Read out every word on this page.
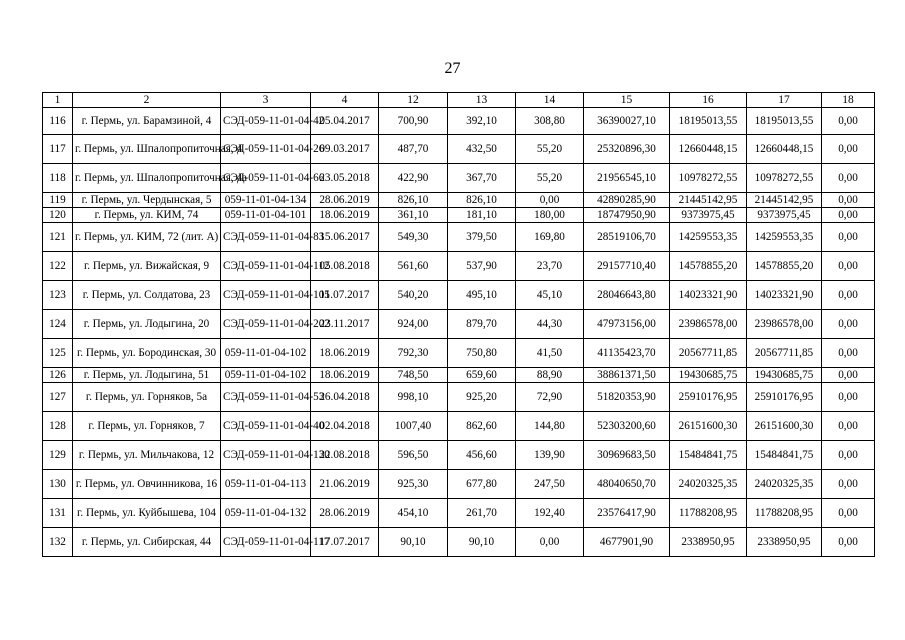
27
1	2	3	4	12	13	14	15	16	17	18
116	г. Пермь, ул. Барамзиной, 4	СЭД-059-11-01-04-42	05.04.2017	700,90	392,10	308,80	36390027,10	18195013,55	18195013,55	0,00
117	г. Пермь, ул. Шпалопропиточная, 4	СЭД-059-11-01-04-26	09.03.2017	487,70	432,50	55,20	25320896,30	12660448,15	12660448,15	0,00
118	г. Пермь, ул. Шпалопропиточная, 4а	СЭД-059-11-01-04-66	23.05.2018	422,90	367,70	55,20	21956545,10	10978272,55	10978272,55	0,00
119	г. Пермь, ул. Чердынская, 5	059-11-01-04-134	28.06.2019	826,10	826,10	0,00	42890285,90	21445142,95	21445142,95	0,00
120	г. Пермь, ул. КИМ, 74	059-11-01-04-101	18.06.2019	361,10	181,10	180,00	18747950,90	9373975,45	9373975,45	0,00
121	г. Пермь, ул. КИМ, 72 (лит. А)	СЭД-059-11-01-04-83	15.06.2017	549,30	379,50	169,80	28519106,70	14259553,35	14259553,35	0,00
122	г. Пермь, ул. Вижайская, 9	СЭД-059-11-01-04-112	05.08.2018	561,60	537,90	23,70	29157710,40	14578855,20	14578855,20	0,00
123	г. Пермь, ул. Солдатова, 23	СЭД-059-11-01-04-105	11.07.2017	540,20	495,10	45,10	28046643,80	14023321,90	14023321,90	0,00
124	г. Пермь, ул. Лодыгина, 20	СЭД-059-11-01-04-202	23.11.2017	924,00	879,70	44,30	47973156,00	23986578,00	23986578,00	0,00
125	г. Пермь, ул. Бородинская, 30	059-11-01-04-102	18.06.2019	792,30	750,80	41,50	41135423,70	20567711,85	20567711,85	0,00
126	г. Пермь, ул. Лодыгина, 51	059-11-01-04-102	18.06.2019	748,50	659,60	88,90	38861371,50	19430685,75	19430685,75	0,00
127	г. Пермь, ул. Горняков, 5а	СЭД-059-11-01-04-53	26.04.2018	998,10	925,20	72,90	51820353,90	25910176,95	25910176,95	0,00
128	г. Пермь, ул. Горняков, 7	СЭД-059-11-01-04-40	02.04.2018	1007,40	862,60	144,80	52303200,60	26151600,30	26151600,30	0,00
129	г. Пермь, ул. Мильчакова, 12	СЭД-059-11-01-04-130	22.08.2018	596,50	456,60	139,90	30969683,50	15484841,75	15484841,75	0,00
130	г. Пермь, ул. Овчинникова, 16	059-11-01-04-113	21.06.2019	925,30	677,80	247,50	48040650,70	24020325,35	24020325,35	0,00
131	г. Пермь, ул. Куйбышева, 104	059-11-01-04-132	28.06.2019	454,10	261,70	192,40	23576417,90	11788208,95	11788208,95	0,00
132	г. Пермь, ул. Сибирская, 44	СЭД-059-11-01-04-117	17.07.2017	90,10	90,10	0,00	4677901,90	2338950,95	2338950,95	0,00
